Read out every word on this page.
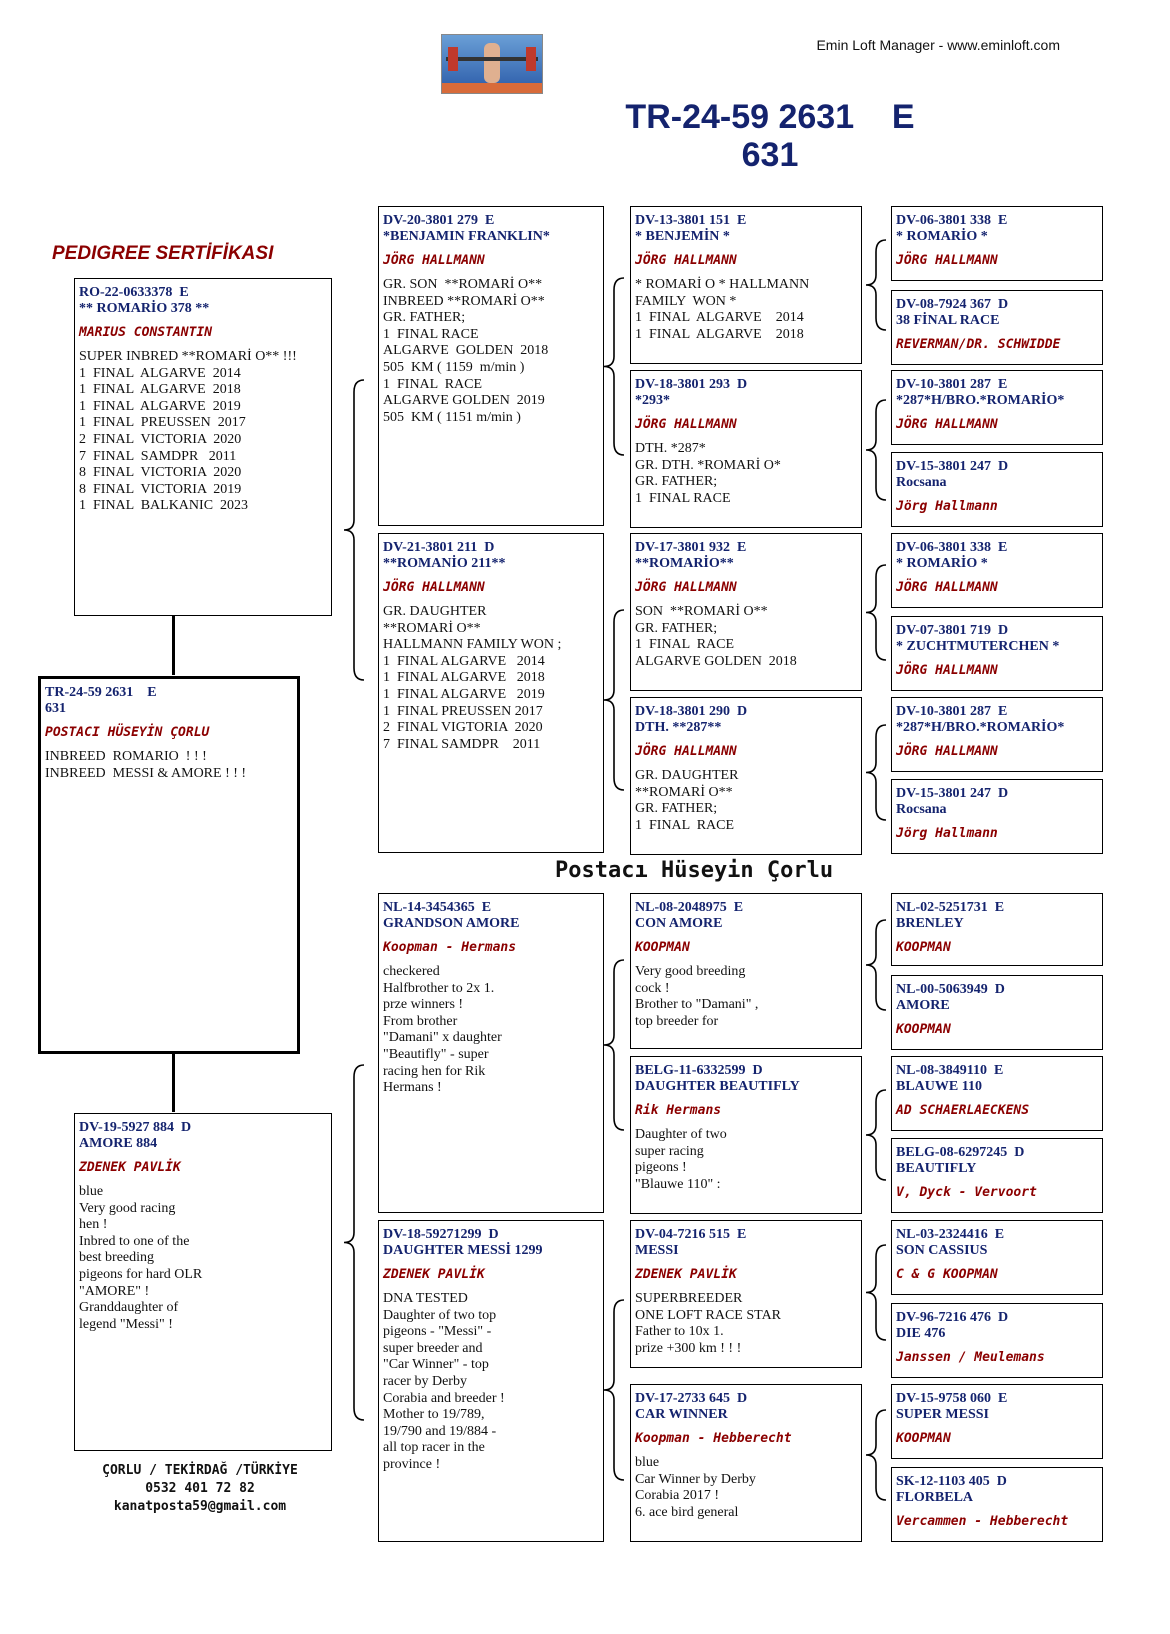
Emin Loft Manager - www.eminloft.com
TR-24-59 2631    E
631
PEDIGREE SERTİFİKASI
Postacı Hüseyin Çorlu
TR-24-59 2631    E
631
POSTACI HÜSEYİN ÇORLU
INBREED  ROMARIO  ! ! !
INBREED  MESSI & AMORE ! ! !
RO-22-0633378  E
** ROMARİO 378 **
MARIUS CONSTANTIN
SUPER INBRED **ROMARİ O** !!!
1  FINAL  ALGARVE  2014
1  FINAL  ALGARVE  2018
1  FINAL  ALGARVE  2019
1  FINAL  PREUSSEN  2017
2  FINAL  VICTORIA  2020
7  FINAL  SAMDPR   2011
8  FINAL  VICTORIA  2020
8  FINAL  VICTORIA  2019
1  FINAL  BALKANIC  2023
DV-19-5927 884  D
AMORE 884
ZDENEK PAVLİK
blue
Very good racing
hen !
Inbred to one of the
best breeding
pigeons for hard OLR
"AMORE" !
Granddaughter of
legend "Messi" !
DV-20-3801 279  E
*BENJAMIN FRANKLIN*
JÖRG HALLMANN
GR. SON  **ROMARİ O**
INBREED **ROMARİ O**
GR. FATHER;
1  FINAL RACE
ALGARVE  GOLDEN  2018
505  KM ( 1159  m/min )
1  FINAL  RACE
ALGARVE GOLDEN  2019
505  KM ( 1151 m/min )
DV-21-3801 211  D
**ROMANİO 211**
JÖRG HALLMANN
GR. DAUGHTER
**ROMARİ O**
HALLMANN FAMILY WON ;
1  FINAL ALGARVE   2014
1  FINAL ALGARVE   2018
1  FINAL ALGARVE   2019
1  FINAL PREUSSEN 2017
2  FINAL VIGTORIA  2020
7  FINAL SAMDPR    2011
NL-14-3454365  E
GRANDSON AMORE
Koopman - Hermans
checkered
Halfbrother to 2x 1.
prze winners !
From brother
"Damani" x daughter
"Beautifly" - super
racing hen for Rik
Hermans !
DV-18-59271299  D
DAUGHTER MESSİ 1299
ZDENEK PAVLİK
DNA TESTED
Daughter of two top
pigeons - "Messi" -
super breeder and
"Car Winner" - top
racer by Derby
Corabia and breeder !
Mother to 19/789,
19/790 and 19/884 -
all top racer in the
province !
DV-13-3801 151  E
* BENJEMİN *
JÖRG HALLMANN
* ROMARİ O * HALLMANN
FAMILY  WON *
1  FINAL  ALGARVE    2014
1  FINAL  ALGARVE    2018
DV-18-3801 293  D
*293*
JÖRG HALLMANN
DTH. *287*
GR. DTH. *ROMARİ O*
GR. FATHER;
1  FINAL RACE
DV-17-3801 932  E
**ROMARİO**
JÖRG HALLMANN
SON  **ROMARİ O**
GR. FATHER;
1  FINAL  RACE
ALGARVE GOLDEN  2018
DV-18-3801 290  D
DTH. **287**
JÖRG HALLMANN
GR. DAUGHTER
**ROMARİ O**
GR. FATHER;
1  FINAL  RACE
NL-08-2048975  E
CON AMORE
KOOPMAN
Very good breeding
cock !
Brother to "Damani" ,
top breeder for
BELG-11-6332599  D
DAUGHTER BEAUTIFLY
Rik Hermans
Daughter of two
super racing
pigeons !
"Blauwe 110" :
DV-04-7216 515  E
MESSI
ZDENEK PAVLİK
SUPERBREEDER
ONE LOFT RACE STAR
Father to 10x 1.
prize +300 km ! ! !
DV-17-2733 645  D
CAR WINNER
Koopman - Hebberecht
blue
Car Winner by Derby
Corabia 2017 !
6. ace bird general
DV-06-3801 338  E
* ROMARİO *
JÖRG HALLMANN
DV-08-7924 367  D
38 FİNAL RACE
REVERMAN/DR. SCHWIDDE
DV-10-3801 287  E
*287*H/BRO.*ROMARİO*
JÖRG HALLMANN
DV-15-3801 247  D
Rocsana
Jörg Hallmann
DV-06-3801 338  E
* ROMARİO *
JÖRG HALLMANN
DV-07-3801 719  D
* ZUCHTMUTERCHEN *
JÖRG HALLMANN
DV-10-3801 287  E
*287*H/BRO.*ROMARİO*
JÖRG HALLMANN
DV-15-3801 247  D
Rocsana
Jörg Hallmann
NL-02-5251731  E
BRENLEY
KOOPMAN
NL-00-5063949  D
AMORE
KOOPMAN
NL-08-3849110  E
BLAUWE 110
AD SCHAERLAECKENS
BELG-08-6297245  D
BEAUTIFLY
V, Dyck - Vervoort
NL-03-2324416  E
SON CASSIUS
C & G KOOPMAN
DV-96-7216 476  D
DIE 476
Janssen / Meulemans
DV-15-9758 060  E
SUPER MESSI
KOOPMAN
SK-12-1103 405  D
FLORBELA
Vercammen - Hebberecht
ÇORLU / TEKİRDAĞ /TÜRKİYE
0532 401 72 82
kanatposta59@gmail.com
